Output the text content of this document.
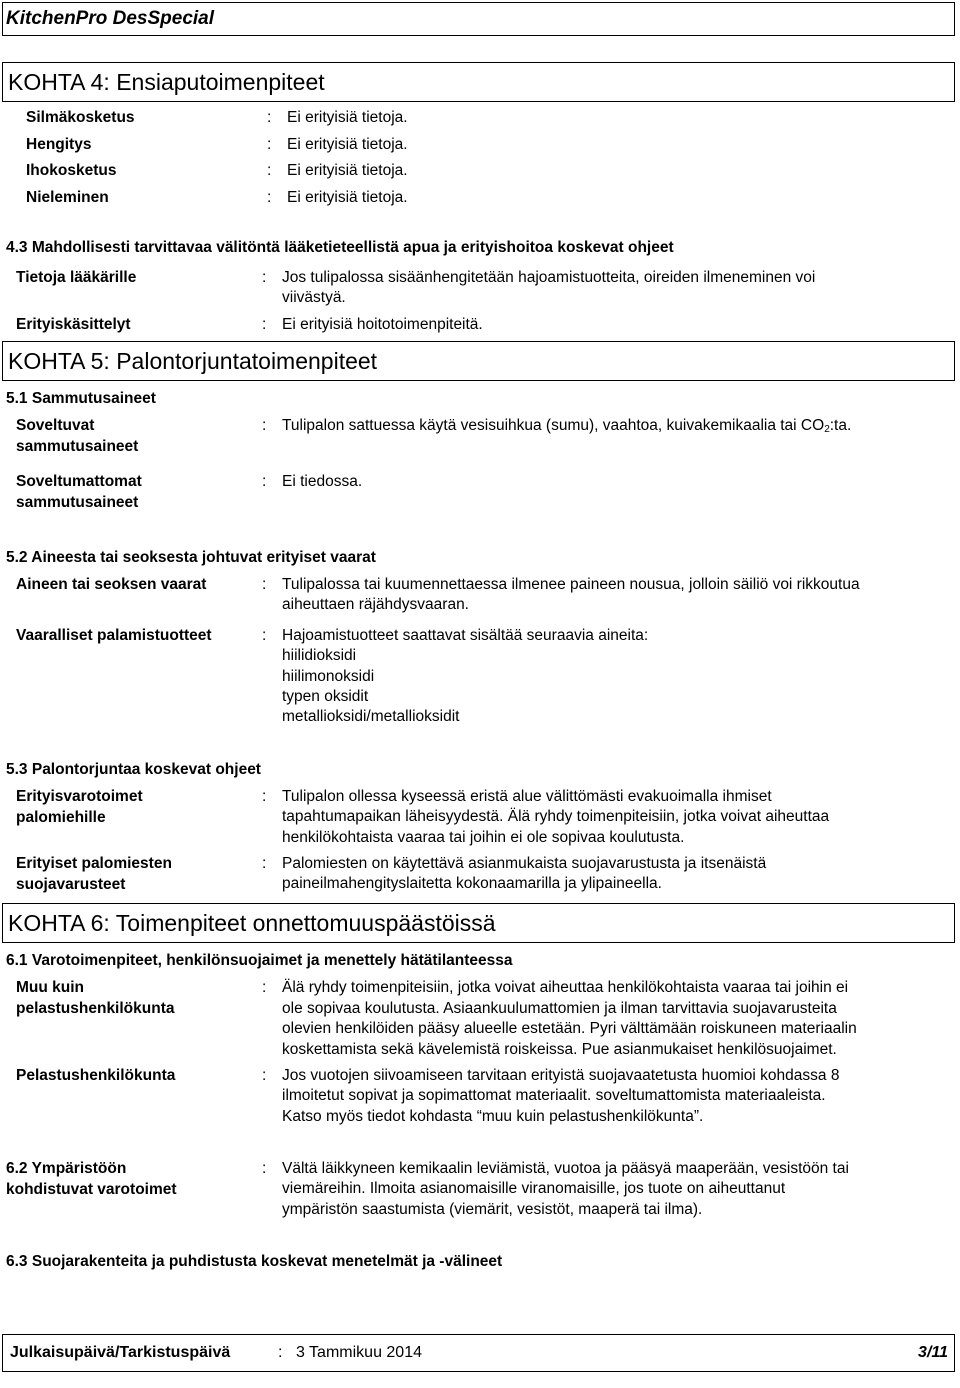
KitchenPro DesSpecial
KOHTA 4: Ensiaputoimenpiteet
Silmäkosketus	: Ei erityisiä tietoja.
Hengitys	: Ei erityisiä tietoja.
Ihokosketus	: Ei erityisiä tietoja.
Nieleminen	: Ei erityisiä tietoja.
4.3 Mahdollisesti tarvittavaa välitöntä lääketieteellistä apua ja erityishoitoa koskevat ohjeet
Tietoja lääkärille	: Jos tulipalossa sisäänhengitetään hajoamistuotteita, oireiden ilmeneminen voi
viivästyä.
Erityiskäsittelyt	: Ei erityisiä hoitotoimenpiteitä.
KOHTA 5: Palontorjuntatoimenpiteet
5.1 Sammutusaineet
Soveltuvat
sammutusaineet
: Tulipalon sattuessa käytä vesisuihkua (sumu), vaahtoa, kuivakemikaalia tai $CO_2:ta$.
Soveltumattomat
sammutusaineet
: Ei tiedossa.
5.2 Aineesta tai seoksesta johtuvat erityiset vaarat
Aineen tai seoksen vaarat	: Tulipalossa tai kuumennettaessa ilmenee paineen nousua, jolloin säiliö voi rikkoutua
aiheuttaen räjähdysvaaran.
Vaaralliset palamistuotteet	: Hajoamistuotteet saattavat sisältää seuraavia aineita:
hiilidioksidi
hiilimonoksidi
typen oksidit
metallioksidi/metallioksidit
5.3 Palontorjuntaa koskevat ohjeet
Erityisvarotoimet
palomiehille
: Tulipalon ollessa kyseessä eristä alue välittömästi evakuoimalla ihmiset
tapahtumapaikan läheisyydestä. Älä ryhdy toimenpiteisiin, jotka voivat aiheuttaa
henkilökohtaista vaaraa tai joihin ei ole sopivaa koulutusta.
Erityiset palomiesten
suojavarusteet
: Palomiesten on käytettävä asianmukaista suojavarustusta ja itsenäistä
paineilmahengityslaitetta kokonaamarilla ja ylipaineella.
KOHTA 6: Toimenpiteet onnettomuuspäästöissä
6.1 Varotoimenpiteet, henkilönsuojaimet ja menettely hätätilanteessa
Muu kuin
pelastushenkilökunta
: Älä ryhdy toimenpiteisiin, jotka voivat aiheuttaa henkilökohtaista vaaraa tai joihin ei
ole sopivaa koulutusta. Asiaankuulumattomien ja ilman tarvittavia suojavarusteita
olevien henkilöiden pääsy alueelle estetään. Pyri välttämään roiskuneen materiaalin
koskettamista sekä kävelemistä roiskeissa. Pue asianmukaiset henkilösuojaimet.
Pelastushenkilökunta	: Jos vuotojen siivoamiseen tarvitaan erityistä suojavaatetusta huomioi kohdassa 8
ilmoitetut sopivat ja sopimattomat materiaalit. soveltumattomista materiaaleista.
Katso myös tiedot kohdasta “muu kuin pelastushenkilökunta”.
6.2 Ympäristöön
kohdistuvat varotoimet
: Vältä läikkyneen kemikaalin leviämistä, vuotoa ja pääsyä maaperään, vesistöön tai
viemäreihin. Ilmoita asianomaisille viranomaisille, jos tuote on aiheuttanut
ympäristön saastumista (viemärit, vesistöt, maaperä tai ilma).
6.3 Suojarakenteita ja puhdistusta koskevat menetelmät ja -välineet
Julkaisupäivä/Tarkistuspäivä	: 3 Tammikuu 2014	3/11
